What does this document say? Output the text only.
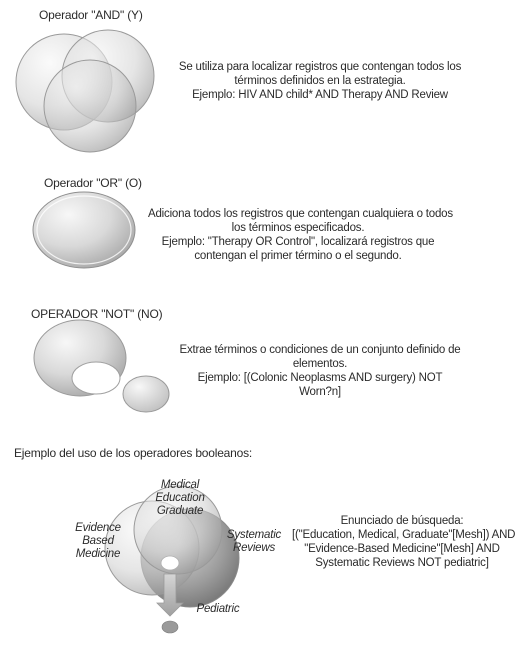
Operador "AND" (Y)
Se utiliza para localizar registros que contengan todos los
términos definidos en la estrategia.
Ejemplo: HIV AND child* AND Therapy AND Review
Operador "OR" (O)
Adiciona todos los registros que contengan cualquiera o todos
los términos especificados.
Ejemplo: "Therapy OR Control", localizará registros que
contengan el primer término o el segundo.
OPERADOR "NOT" (NO)
Extrae términos o condiciones de un conjunto definido de
elementos.
Ejemplo: [(Colonic Neoplasms AND surgery) NOT
Worn?n]
Ejemplo del uso de los operadores booleanos:
Medical
Education
Graduate
Evidence
Based
Medicine
Systematic
Reviews
Pediatric
Enunciado de búsqueda:
[("Education, Medical, Graduate"[Mesh]) AND
"Evidence-Based Medicine"[Mesh] AND
Systematic Reviews NOT pediatric]
